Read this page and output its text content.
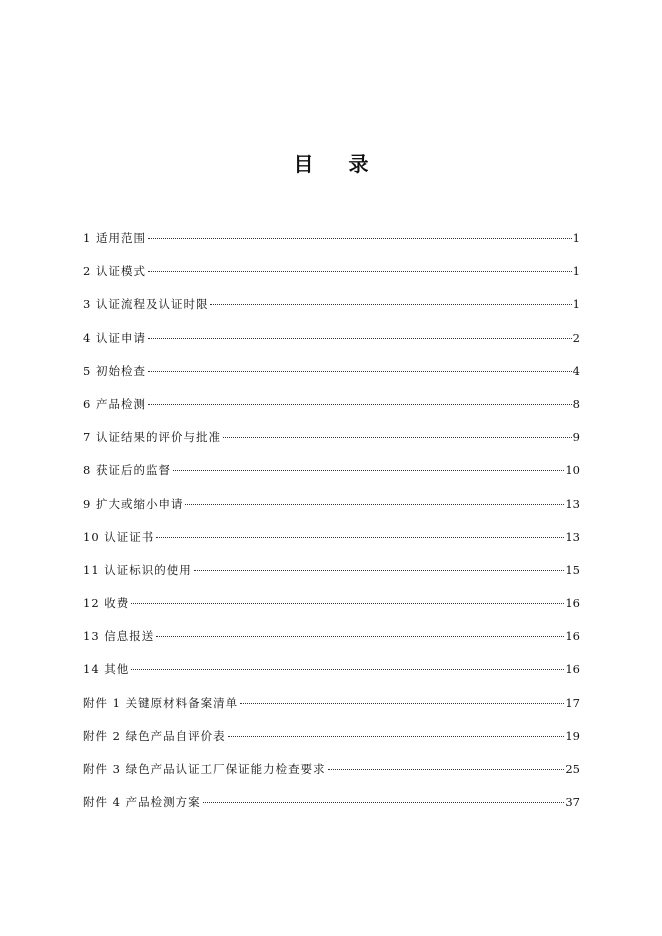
目 录
1 适用范围	1
2 认证模式	1
3 认证流程及认证时限	1
4 认证申请	2
5 初始检查	4
6 产品检测	8
7 认证结果的评价与批准	9
8 获证后的监督	10
9 扩大或缩小申请	13
10 认证证书	13
11 认证标识的使用	15
12 收费	16
13 信息报送	16
14 其他	16
附件 1 关键原材料备案清单	17
附件 2 绿色产品自评价表	19
附件 3 绿色产品认证工厂保证能力检查要求	25
附件 4 产品检测方案	37
